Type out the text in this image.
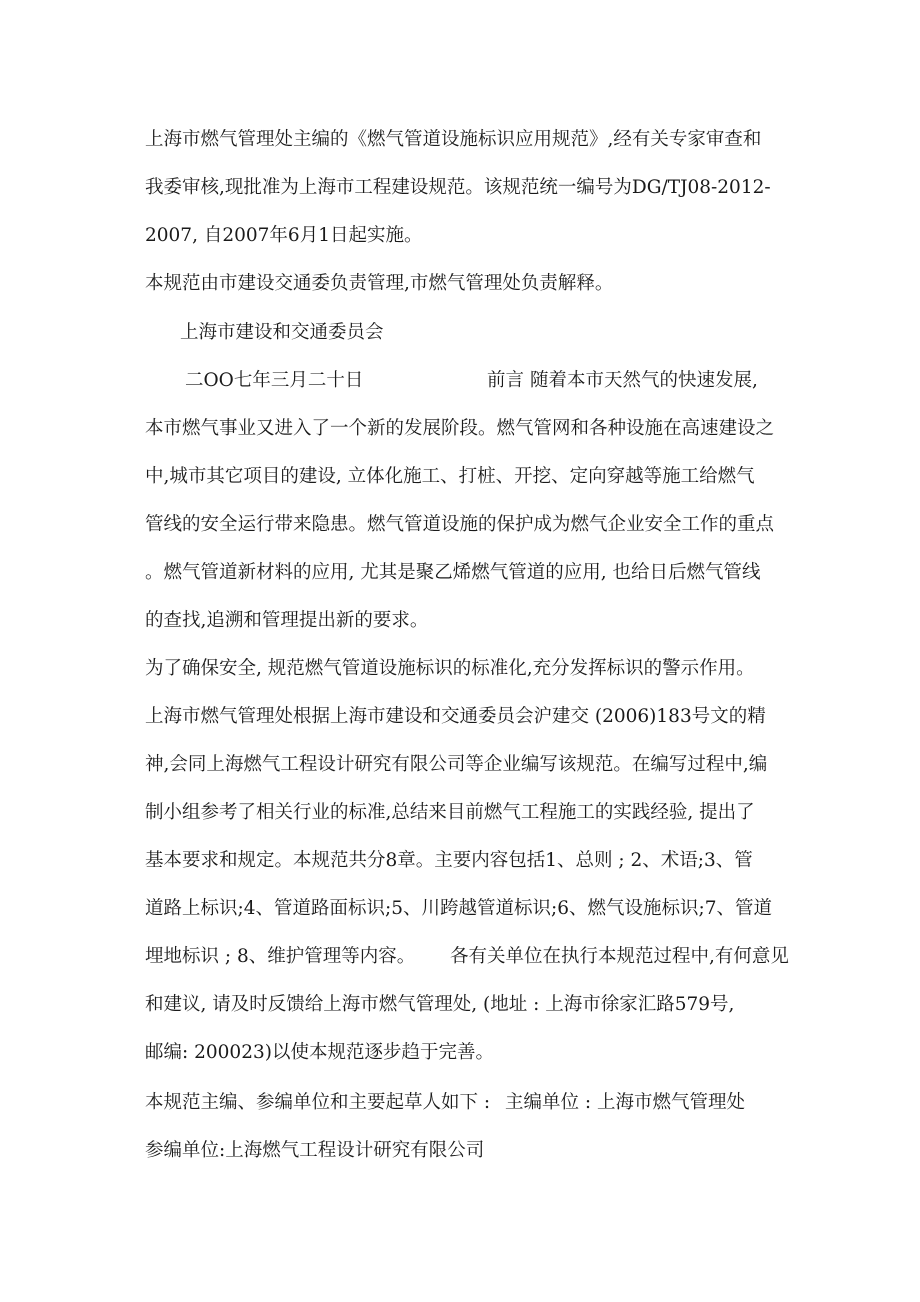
上海市燃气管理处主编的《燃气管道设施标识应用规范》,经有关专家审查和

我委审核,现批准为上海市工程建设规范。该规范统一编号为DG/TJ08-2012-

2007, 自2007年6月1日起实施。

本规范由市建设交通委负责管理,市燃气管理处负责解释。

上海市建设和交通委员会

二OO七年三月二十日	前言 随着本市天然气的快速发展,

本市燃气事业又进入了一个新的发展阶段。燃气管网和各种设施在高速建设之

中,城市其它项目的建设, 立体化施工、打桩、开挖、定向穿越等施工给燃气

管线的安全运行带来隐患。燃气管道设施的保护成为燃气企业安全工作的重点

。燃气管道新材料的应用, 尤其是聚乙烯燃气管道的应用, 也给日后燃气管线

的查找,追溯和管理提出新的要求。

为了确保安全, 规范燃气管道设施标识的标准化,充分发挥标识的警示作用。

上海市燃气管理处根据上海市建设和交通委员会沪建交 (2006)183号文的精

神,会同上海燃气工程设计研究有限公司等企业编写该规范。在编写过程中,编

制小组参考了相关行业的标准,总结来目前燃气工程施工的实践经验, 提出了

基本要求和规定。本规范共分8章。主要内容包括1、总则 ; 2、术语;3、管

道路上标识;4、管道路面标识;5、川跨越管道标识;6、燃气设施标识;7、管道

埋地标识 ; 8、维护管理等内容。 各有关单位在执行本规范过程中,有何意见

和建议, 请及时反馈给上海市燃气管理处, (地址 : 上海市徐家汇路579号,

邮编: 200023)以使本规范逐步趋于完善。

本规范主编、参编单位和主要起草人如下 : 主编单位 : 上海市燃气管理处

参编单位:上海燃气工程设计研究有限公司
